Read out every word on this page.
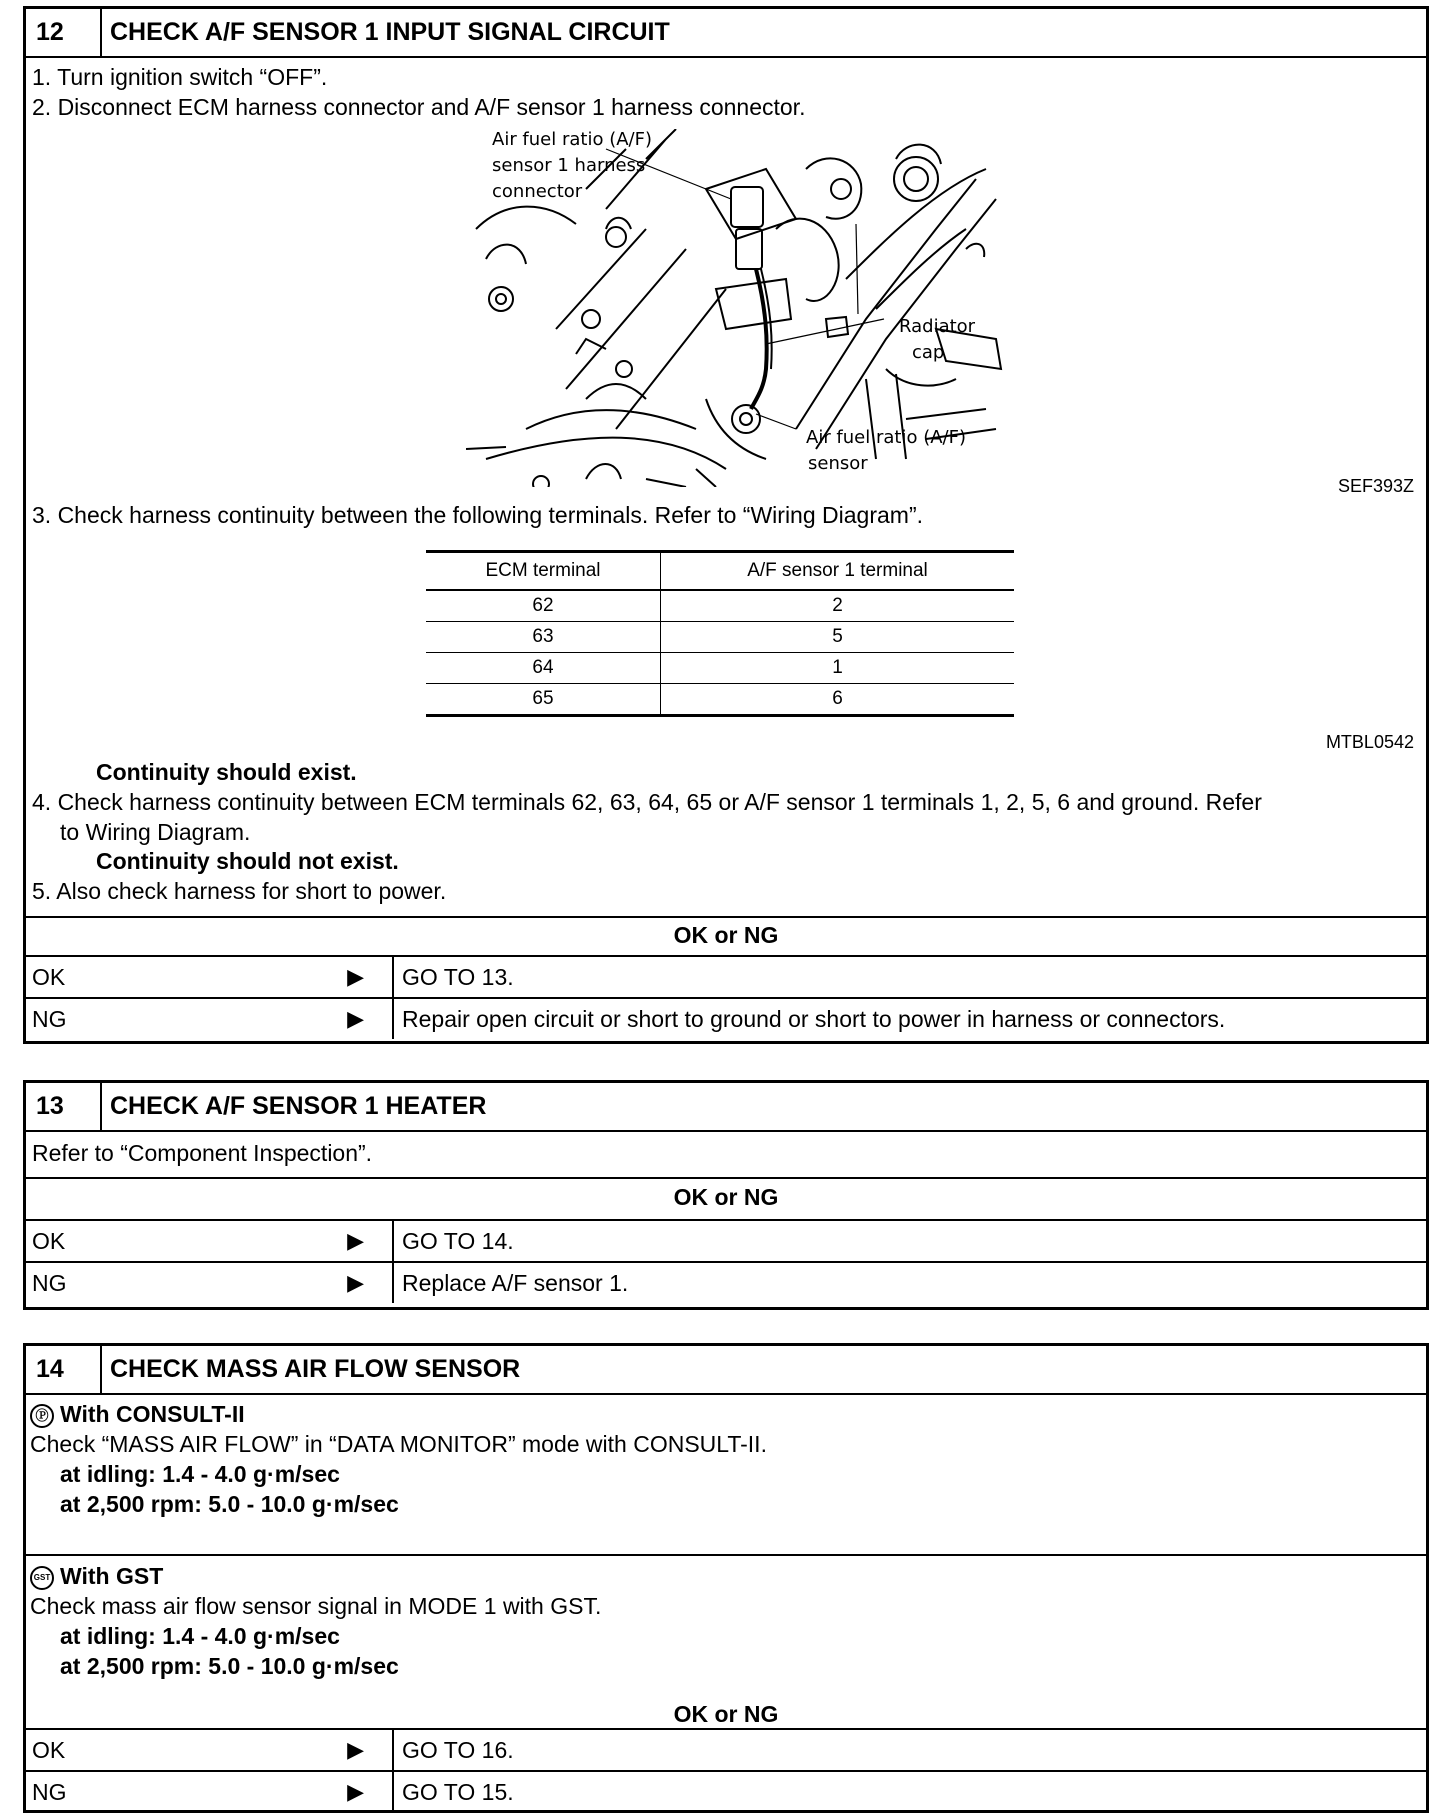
12	CHECK A/F SENSOR 1 INPUT SIGNAL CIRCUIT
1. Turn ignition switch “OFF”.
2. Disconnect ECM harness connector and A/F sensor 1 harness connector.
Air fuel ratio (A/F)
sensor 1 harness
connector
Radiator
cap
Air fuel ratio (A/F)
sensor
SEF393Z
3. Check harness continuity between the following terminals. Refer to “Wiring Diagram”.
ECM terminal	A/F sensor 1 terminal
62	2
63	5
64	1
65	6
MTBL0542
Continuity should exist.
4. Check harness continuity between ECM terminals 62, 63, 64, 65 or A/F sensor 1 terminals 1, 2, 5, 6 and ground. Refer
to Wiring Diagram.
Continuity should not exist.
5. Also check harness for short to power.
OK or NG
OK	▶	GO TO 13.
NG	▶	Repair open circuit or short to ground or short to power in harness or connectors.
13	CHECK A/F SENSOR 1 HEATER
Refer to “Component Inspection”.
OK or NG
OK	▶	GO TO 14.
NG	▶	Replace A/F sensor 1.
14	CHECK MASS AIR FLOW SENSOR
Ⓟ With CONSULT-II
Check “MASS AIR FLOW” in “DATA MONITOR” mode with CONSULT-II.
at idling: 1.4 - 4.0 g·m/sec
at 2,500 rpm: 5.0 - 10.0 g·m/sec
GST With GST
Check mass air flow sensor signal in MODE 1 with GST.
at idling: 1.4 - 4.0 g·m/sec
at 2,500 rpm: 5.0 - 10.0 g·m/sec
OK or NG
OK	▶	GO TO 16.
NG	▶	GO TO 15.
